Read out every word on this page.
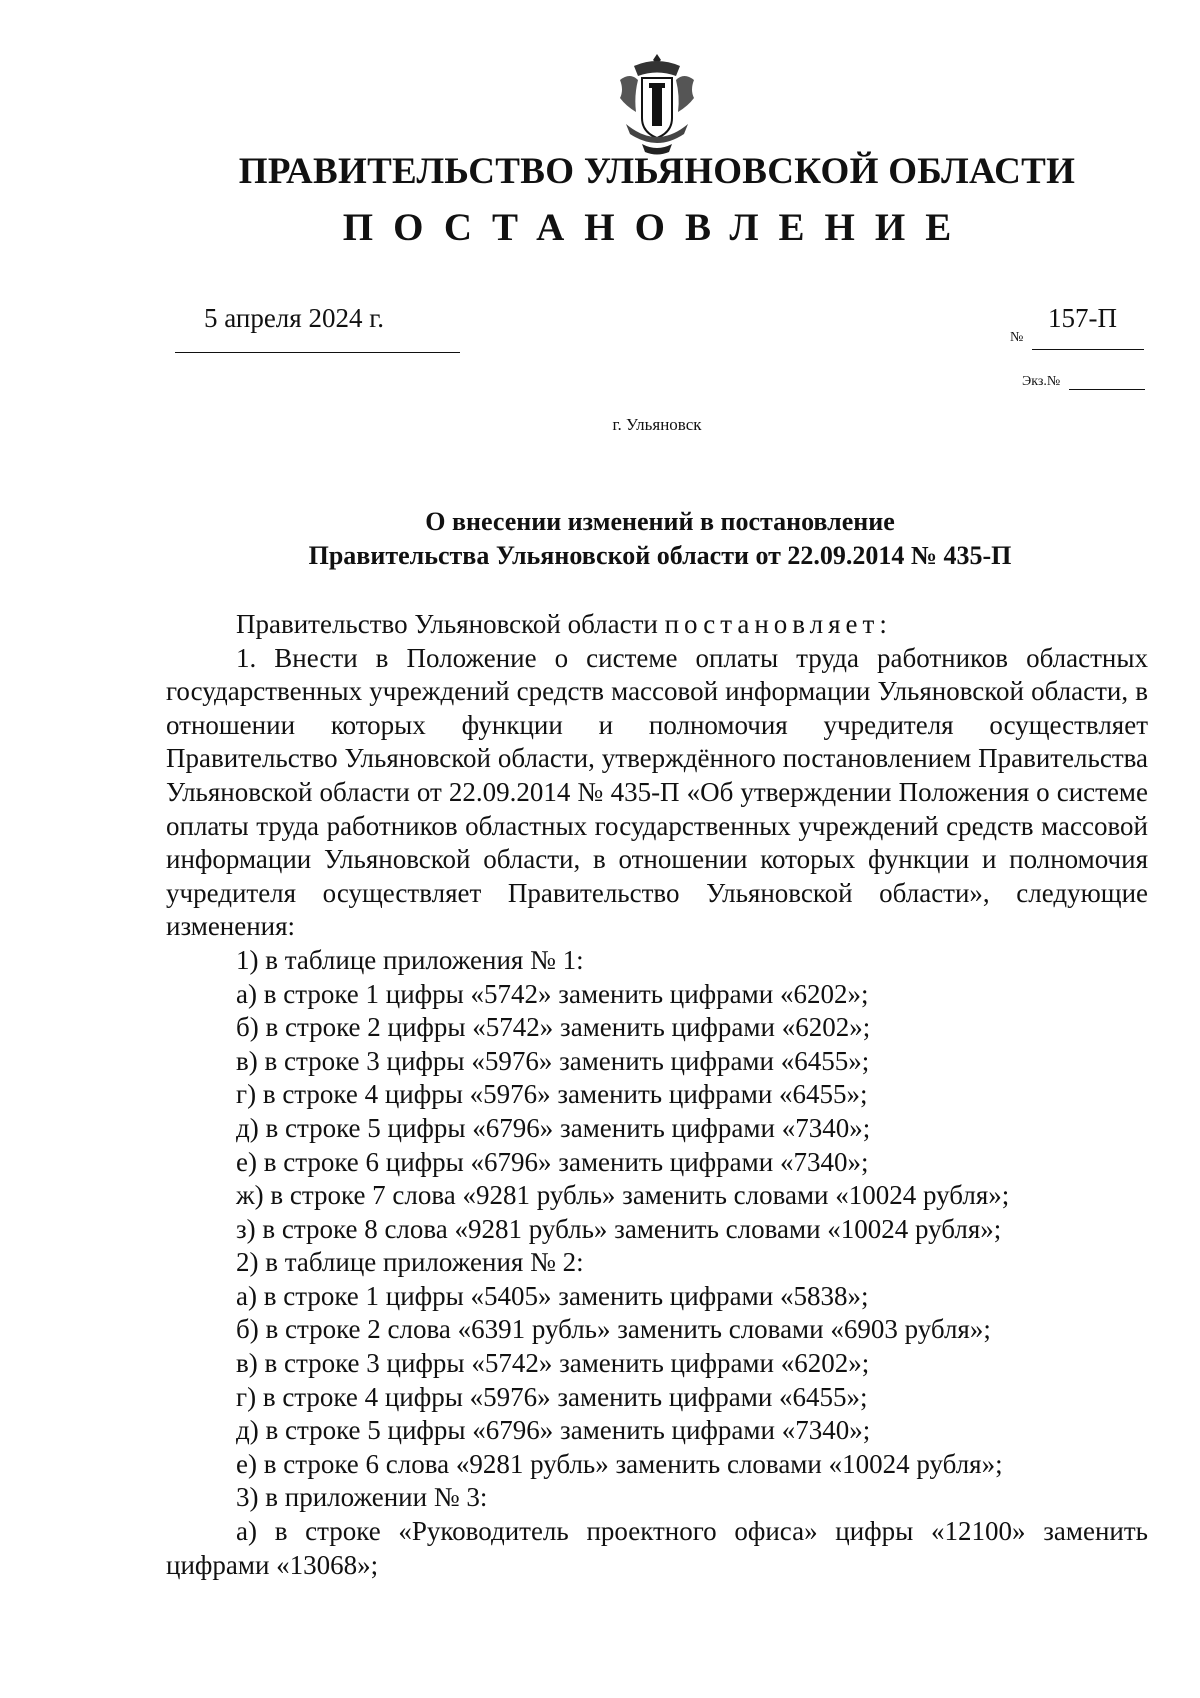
ПРАВИТЕЛЬСТВО УЛЬЯНОВСКОЙ ОБЛАСТИ
ПОСТАНОВЛЕНИЕ
5 апреля 2024 г.
№
157-П
Экз.№
г. Ульяновск
О внесении изменений в постановление
Правительства Ульяновской области от 22.09.2014 № 435-П

Правительство Ульяновской области постановляет:

1. Внести в Положение о системе оплаты труда работников областных государственных учреждений средств массовой информации Ульяновской области, в отношении которых функции и полномочия учредителя осуществляет Правительство Ульяновской области, утверждённого постановлением Правительства Ульяновской области от 22.09.2014 № 435-П «Об утверждении Положения о системе оплаты труда работников областных государственных учреждений средств массовой информации Ульяновской области, в отношении которых функции и полномочия учредителя осуществляет Правительство Ульяновской области», следующие изменения:

1) в таблице приложения № 1:

а) в строке 1 цифры «5742» заменить цифрами «6202»;

б) в строке 2 цифры «5742» заменить цифрами «6202»;

в) в строке 3 цифры «5976» заменить цифрами «6455»;

г) в строке 4 цифры «5976» заменить цифрами «6455»;

д) в строке 5 цифры «6796» заменить цифрами «7340»;

е) в строке 6 цифры «6796» заменить цифрами «7340»;

ж) в строке 7 слова «9281 рубль» заменить словами «10024 рубля»;

з) в строке 8 слова «9281 рубль» заменить словами «10024 рубля»;

2) в таблице приложения № 2:

а) в строке 1 цифры «5405» заменить цифрами «5838»;

б) в строке 2 слова «6391 рубль» заменить словами «6903 рубля»;

в) в строке 3 цифры «5742» заменить цифрами «6202»;

г) в строке 4 цифры «5976» заменить цифрами «6455»;

д) в строке 5 цифры «6796» заменить цифрами «7340»;

е) в строке 6 слова «9281 рубль» заменить словами «10024 рубля»;

3) в приложении № 3:

а) в строке «Руководитель проектного офиса» цифры «12100» заменить цифрами «13068»;
